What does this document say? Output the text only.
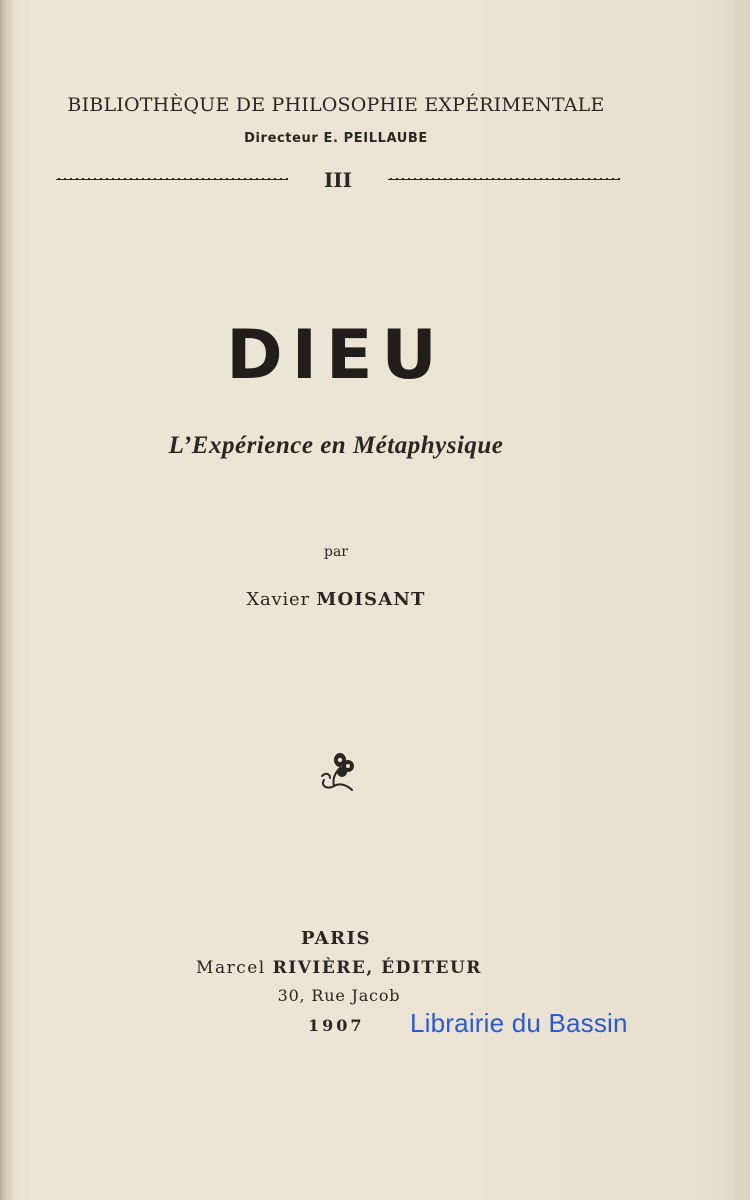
BIBLIOTHÈQUE DE PHILOSOPHIE EXPÉRIMENTALE
Directeur E. PEILLAUBE
III
DIEU
L’Expérience en Métaphysique
par
Xavier MOISANT
PARIS
Marcel RIVIÈRE, ÉDITEUR
30, Rue Jacob
1907 Librairie du Bassin
